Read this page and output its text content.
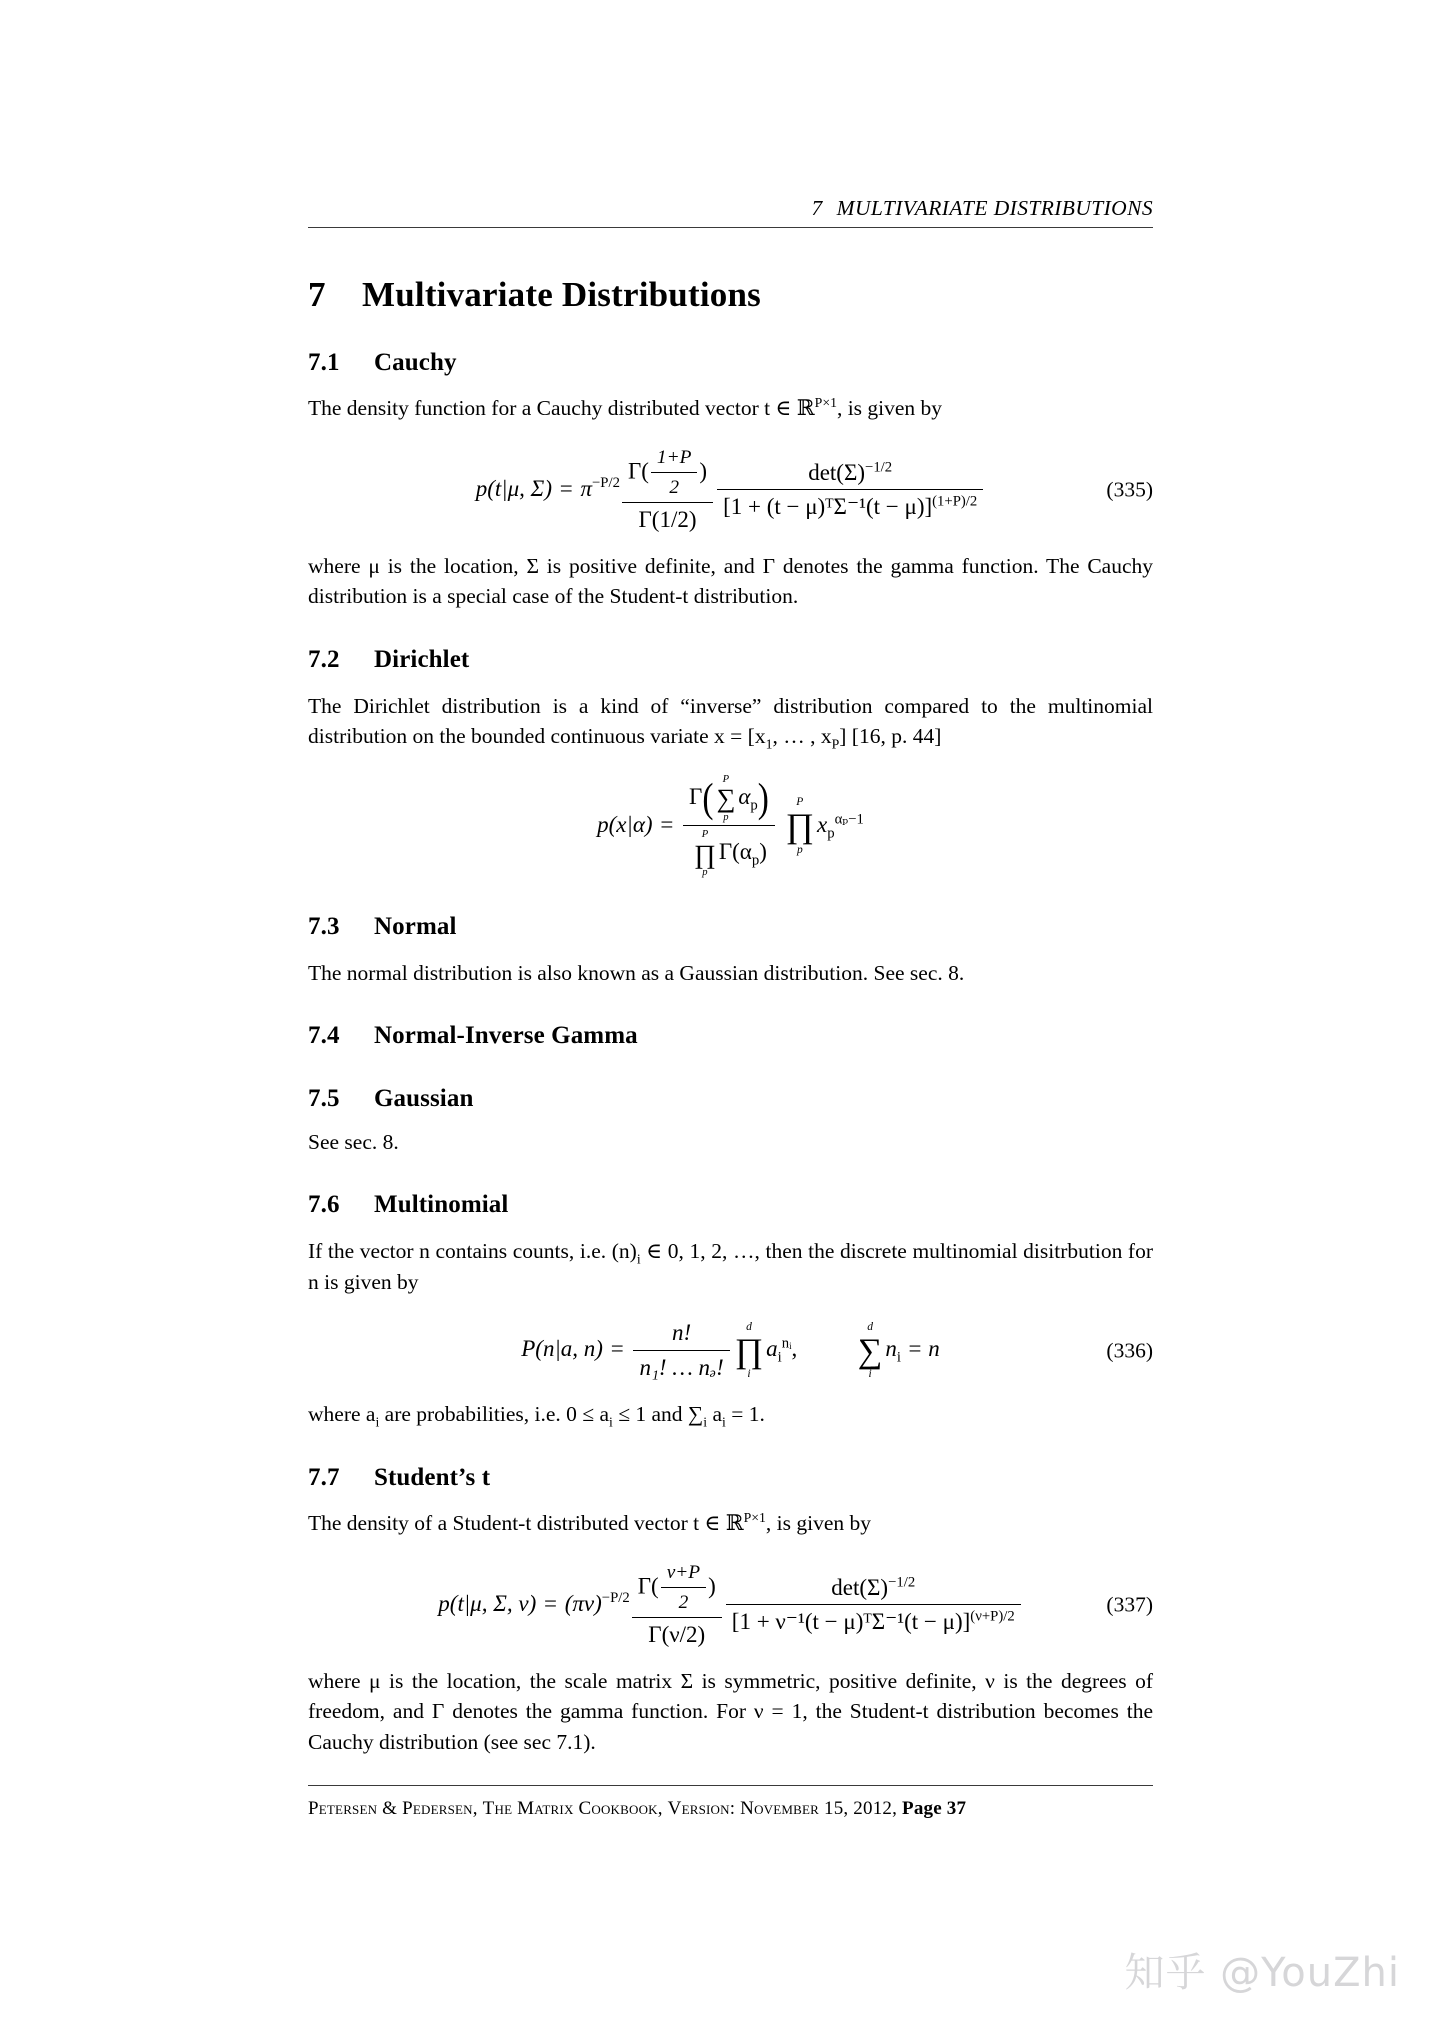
7 MULTIVARIATE DISTRIBUTIONS
7 Multivariate Distributions
7.1 Cauchy

The density function for a Cauchy distributed vector t ∈ ℝ$^{P\times 1}$, is given by

p(t|μ, $\Sigma) = \pi^{-P/2} \frac{\Gamma( \frac{1+P}{2} )}{\Gamma(1/2)} \frac{\det(\Sigma)^{-1/2}}{[1 + (t - \mu)ᵀ\Sigma^{-1}(t - \mu)]^{(1+P)/2}}$	(335)

where μ is the location, Σ is positive definite, and Γ denotes the gamma function. The Cauchy distribution is a special case of the Student-t distribution.

7.2 Dirichlet

The Dirichlet distribution is a kind of “inverse” distribution compared to the multinomial distribution on the bounded continuous variate $x = [x_1$, … , $x_P$] [16, p. 44]

p(x|α) = Γ( P
∑
p
$\alpha_p$)
P
∏
p
$\Gamma(\alpha_p)$
	P
∏
p
$x_p^{\alpha_p-1}$
7.3 Normal

The normal distribution is also known as a Gaussian distribution. See sec. 8.

7.4 Normal-Inverse Gamma
7.5 Gaussian

See sec. 8.

7.6 Multinomial

If the vector n contains counts, i.e. $(n)_i$ ∈ 0, 1, 2, …, then the discrete multinomial disitrbution for n is given by

P(n|a, $n) = \frac{n!}{\text{n₁! … nₔ!}}$	d
∏
i
$a_i^{nᵢ}$,
d
∑
i
$n_i = n$	(336)

where $a_i$ are probabilities, i.e. $0 \le a_i \le 1$ and $\sum_i$ $a_i = 1$.

7.7 Student’s t

The density of a Student-t distributed vector t ∈ ℝ$^{P\times 1}$, is given by

p(t|μ, Σ, $\nu) = (\pi\nu)^{-P/2} \frac{\Gamma( \frac{\nu+P}{2} )}{\Gamma(\nu/2)} \frac{\det(\Sigma)^{-1/2}}{[1 + \nu^{-1}(t - \mu)ᵀ\Sigma^{-1}(t - \mu)]^{(\nu+P)/2}}$	(337)

where μ is the location, the scale matrix Σ is symmetric, positive definite, ν is the degrees of freedom, and Γ denotes the gamma function. For ν = 1, the Student-t distribution becomes the Cauchy distribution (see sec 7.1).

Petersen & Pedersen, The Matrix Cookbook, Version: November 15, 2012, Page 37
知乎 @YouZhi
